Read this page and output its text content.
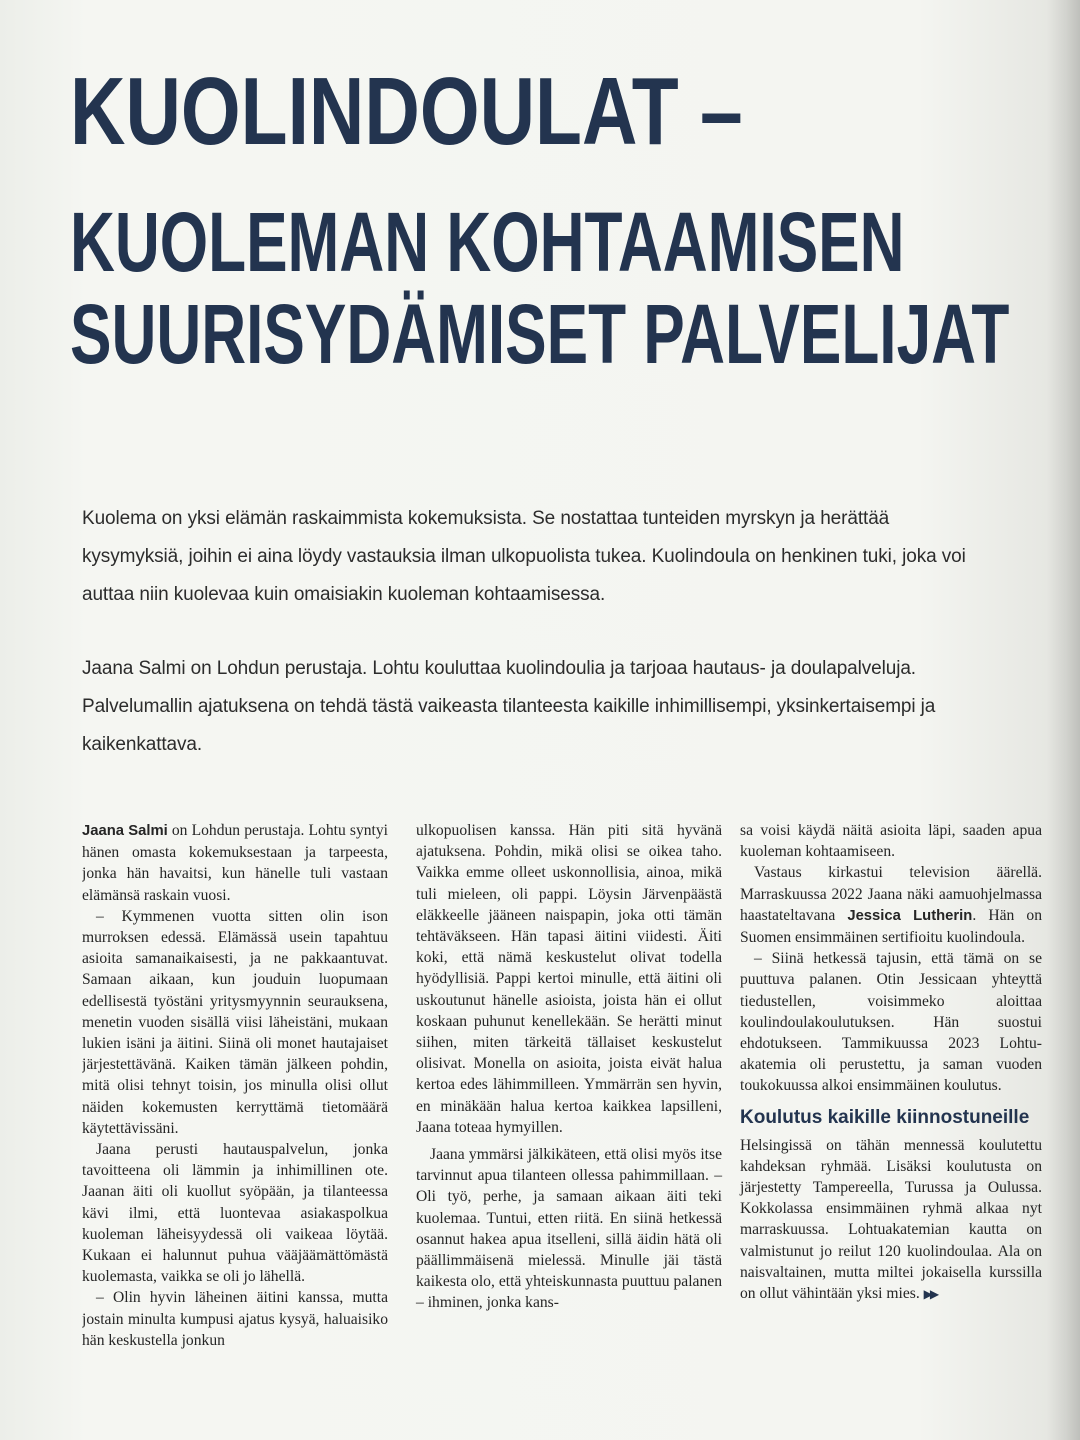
KUOLINDOULAT –
KUOLEMAN KOHTAAMISEN
SUURISYDÄMISET PALVELIJAT

Kuolema on yksi elämän raskaimmista kokemuksista. Se nostattaa tunteiden myrskyn ja herättää kysymyksiä, joihin ei aina löydy vastauksia ilman ulkopuolista tukea. Kuolindoula on henkinen tuki, joka voi auttaa niin kuolevaa kuin omaisiakin kuoleman kohtaamisessa.

Jaana Salmi on Lohdun perustaja. Lohtu kouluttaa kuolindoulia ja tarjoaa hautaus- ja doulapalveluja. Palvelumallin ajatuksena on tehdä tästä vaikeasta tilanteesta kaikille inhimillisempi, yksinkertaisempi ja kaikenkattava.

Jaana Salmi on Lohdun perustaja. Lohtu syntyi hänen omasta kokemuksestaan ja tarpeesta, jonka hän havaitsi, kun hänelle tuli vastaan elämänsä raskain vuosi.

– Kymmenen vuotta sitten olin ison murroksen edessä. Elämässä usein tapahtuu asioita samanaikaisesti, ja ne pakkaantuvat. Samaan aikaan, kun jouduin luopumaan edellisestä työstäni yritysmyynnin seurauksena, menetin vuoden sisällä viisi läheistäni, mukaan lukien isäni ja äitini. Siinä oli monet hautajaiset järjestettävänä. Kaiken tämän jälkeen pohdin, mitä olisi tehnyt toisin, jos minulla olisi ollut näiden kokemusten kerryttämä tietomäärä käytettävissäni.

Jaana perusti hautauspalvelun, jonka tavoitteena oli lämmin ja inhimillinen ote. Jaanan äiti oli kuollut syöpään, ja tilanteessa kävi ilmi, että luontevaa asiakaspolkua kuoleman läheisyydessä oli vaikeaa löytää. Kukaan ei halunnut puhua vääjäämättömästä kuolemasta, vaikka se oli jo lähellä.

– Olin hyvin läheinen äitini kanssa, mutta jostain minulta kumpusi ajatus kysyä, haluaisiko hän keskustella jonkun

ulkopuolisen kanssa. Hän piti sitä hyvänä ajatuksena. Pohdin, mikä olisi se oikea taho. Vaikka emme olleet uskonnollisia, ainoa, mikä tuli mieleen, oli pappi. Löysin Järvenpäästä eläkkeelle jääneen naispapin, joka otti tämän tehtäväkseen. Hän tapasi äitini viidesti. Äiti koki, että nämä keskustelut olivat todella hyödyllisiä. Pappi kertoi minulle, että äitini oli uskoutunut hänelle asioista, joista hän ei ollut koskaan puhunut kenellekään. Se herätti minut siihen, miten tärkeitä tällaiset keskustelut olisivat. Monella on asioita, joista eivät halua kertoa edes lähimmilleen. Ymmärrän sen hyvin, en minäkään halua kertoa kaikkea lapsilleni, Jaana toteaa hymyillen.

Jaana ymmärsi jälkikäteen, että olisi myös itse tarvinnut apua tilanteen ollessa pahimmillaan. – Oli työ, perhe, ja samaan aikaan äiti teki kuolemaa. Tuntui, etten riitä. En siinä hetkessä osannut hakea apua itselleni, sillä äidin hätä oli päällimmäisenä mielessä. Minulle jäi tästä kaikesta olo, että yhteiskunnasta puuttuu palanen – ihminen, jonka kans-

sa voisi käydä näitä asioita läpi, saaden apua kuoleman kohtaamiseen.

Vastaus kirkastui television äärellä. Marraskuussa 2022 Jaana näki aamuohjelmassa haastateltavana Jessica Lutherin. Hän on Suomen ensimmäinen sertifioitu kuolindoula.

– Siinä hetkessä tajusin, että tämä on se puuttuva palanen. Otin Jessicaan yhteyttä tiedustellen, voisimmeko aloittaa koulindoulakoulutuksen. Hän suostui ehdotukseen. Tammikuussa 2023 Lohtu-akatemia oli perustettu, ja saman vuoden toukokuussa alkoi ensimmäinen koulutus.

Koulutus kaikille kiinnostuneille

Helsingissä on tähän mennessä koulutettu kahdeksan ryhmää. Lisäksi koulutusta on järjestetty Tampereella, Turussa ja Oulussa. Kokkolassa ensimmäinen ryhmä alkaa nyt marraskuussa. Lohtuakatemian kautta on valmistunut jo reilut 120 kuolindoulaa. Ala on naisvaltainen, mutta miltei jokaisella kurssilla on ollut vähintään yksi mies. ▶▶
